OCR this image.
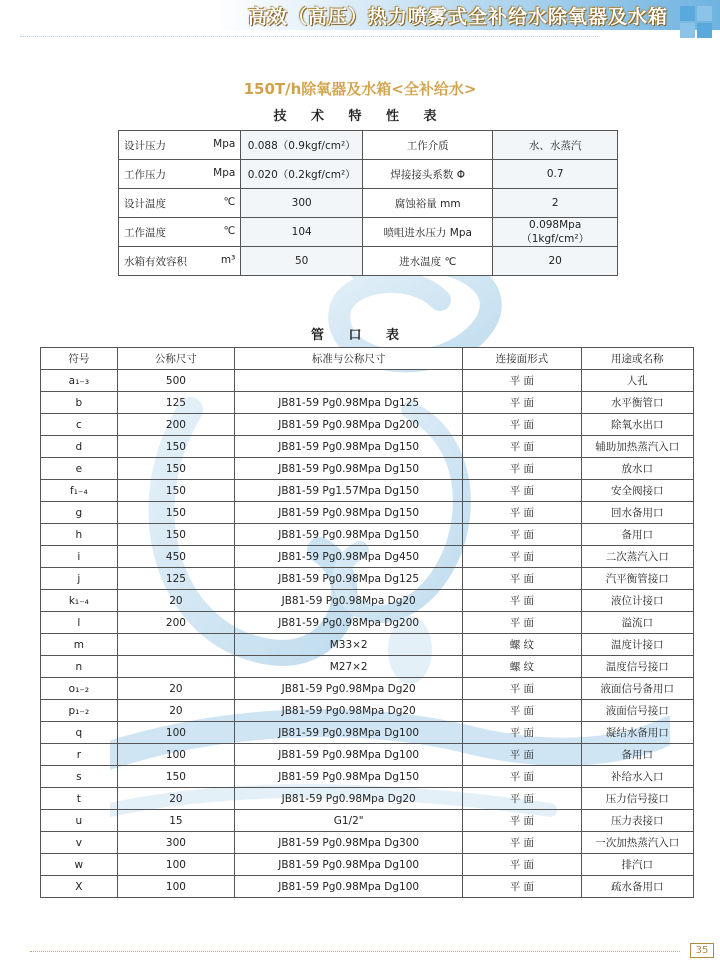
高效（高压）热力喷雾式全补给水除氧器及水箱
150T/h除氧器及水箱<全补给水>
技 术 特 性 表
设计压力 Mpa	0.088（0.9kgf/cm²）	工作介质	水、水蒸汽
工作压力 Mpa	0.020（0.2kgf/cm²）	焊接接头系数 Φ	0.7
设计温度 ℃	300	腐蚀裕量 mm	2
工作温度 ℃	104	喷咀进水压力 Mpa	0.098Mpa（1kgf/cm²）
水箱有效容积 m³	50	进水温度 ℃	20
管 口 表
符号	公称尺寸	标准与公称尺寸	连接面形式	用途或名称
a₁₋₃	500		平 面	人孔
b	125	JB81-59 Pg0.98Mpa Dg125	平 面	水平衡管口
c	200	JB81-59 Pg0.98Mpa Dg200	平 面	除氧水出口
d	150	JB81-59 Pg0.98Mpa Dg150	平 面	辅助加热蒸汽入口
e	150	JB81-59 Pg0.98Mpa Dg150	平 面	放水口
f₁₋₄	150	JB81-59 Pg1.57Mpa Dg150	平 面	安全阀接口
g	150	JB81-59 Pg0.98Mpa Dg150	平 面	回水备用口
h	150	JB81-59 Pg0.98Mpa Dg150	平 面	备用口
i	450	JB81-59 Pg0.98Mpa Dg450	平 面	二次蒸汽入口
j	125	JB81-59 Pg0.98Mpa Dg125	平 面	汽平衡管接口
k₁₋₄	20	JB81-59 Pg0.98Mpa Dg20	平 面	液位计接口
l	200	JB81-59 Pg0.98Mpa Dg200	平 面	溢流口
m		M33×2	螺 纹	温度计接口
n		M27×2	螺 纹	温度信号接口
o₁₋₂	20	JB81-59 Pg0.98Mpa Dg20	平 面	液面信号备用口
p₁₋₂	20	JB81-59 Pg0.98Mpa Dg20	平 面	液面信号接口
q	100	JB81-59 Pg0.98Mpa Dg100	平 面	凝结水备用口
r	100	JB81-59 Pg0.98Mpa Dg100	平 面	备用口
s	150	JB81-59 Pg0.98Mpa Dg150	平 面	补给水入口
t	20	JB81-59 Pg0.98Mpa Dg20	平 面	压力信号接口
u	15	G1/2"	平 面	压力表接口
v	300	JB81-59 Pg0.98Mpa Dg300	平 面	一次加热蒸汽入口
w	100	JB81-59 Pg0.98Mpa Dg100	平 面	排汽口
X	100	JB81-59 Pg0.98Mpa Dg100	平 面	疏水备用口
35
